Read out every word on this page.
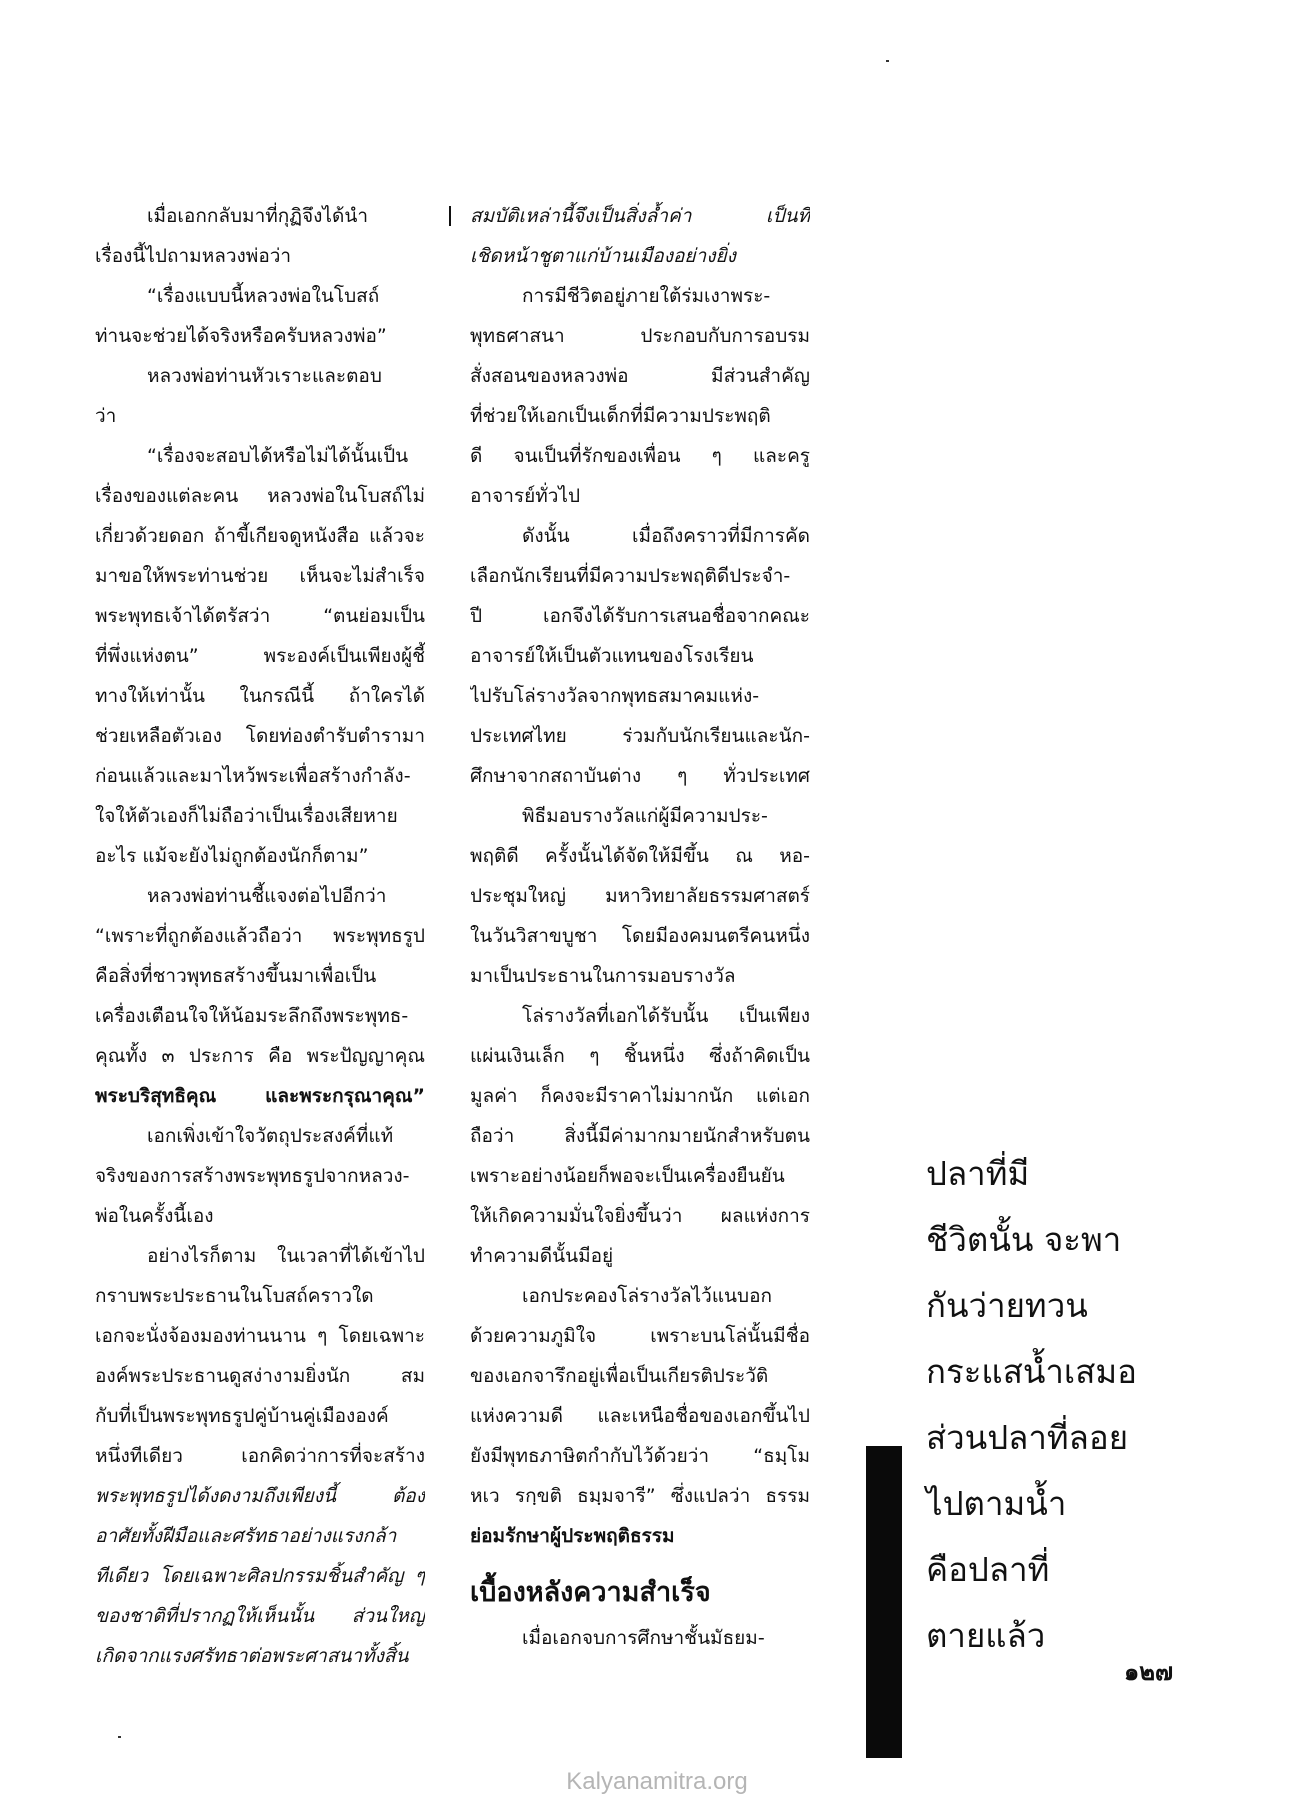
เมื่อเอกกลับมาที่กุฏิจึงได้นำ
เรื่องนี้ไปถามหลวงพ่อว่า
“เรื่องแบบนี้หลวงพ่อในโบสถ์
ท่านจะช่วยได้จริงหรือครับหลวงพ่อ”
หลวงพ่อท่านหัวเราะและตอบ
ว่า
“เรื่องจะสอบได้หรือไม่ได้นั้นเป็น
เรื่องของแต่ละคน หลวงพ่อในโบสถ์ไม่
เกี่ยวด้วยดอก ถ้าขี้เกียจดูหนังสือ แล้วจะ
มาขอให้พระท่านช่วย เห็นจะไม่สำเร็จ
พระพุทธเจ้าได้ตรัสว่า “ตนย่อมเป็น
ที่พึ่งแห่งตน” พระองค์เป็นเพียงผู้ชี้
ทางให้เท่านั้น ในกรณีนี้ ถ้าใครได้
ช่วยเหลือตัวเอง โดยท่องตำรับตำรามา
ก่อนแล้วและมาไหว้พระเพื่อสร้างกำลัง-
ใจให้ตัวเองก็ไม่ถือว่าเป็นเรื่องเสียหาย
อะไร แม้จะยังไม่ถูกต้องนักก็ตาม”
หลวงพ่อท่านชี้แจงต่อไปอีกว่า
“เพราะที่ถูกต้องแล้วถือว่า พระพุทธรูป
คือสิ่งที่ชาวพุทธสร้างขึ้นมาเพื่อเป็น
เครื่องเตือนใจให้น้อมระลึกถึงพระพุทธ-
คุณทั้ง ๓ ประการ คือ พระปัญญาคุณ
พระบริสุทธิคุณ และพระกรุณาคุณ”
เอกเพิ่งเข้าใจวัตถุประสงค์ที่แท้
จริงของการสร้างพระพุทธรูปจากหลวง-
พ่อในครั้งนี้เอง
อย่างไรก็ตาม ในเวลาที่ได้เข้าไป
กราบพระประธานในโบสถ์คราวใด
เอกจะนั่งจ้องมองท่านนาน ๆ โดยเฉพาะ
องค์พระประธานดูสง่างามยิ่งนัก สม
กับที่เป็นพระพุทธรูปคู่บ้านคู่เมืององค์
หนึ่งทีเดียว เอกคิดว่าการที่จะสร้าง
พระพุทธรูปได้งดงามถึงเพียงนี้ ต้อง
อาศัยทั้งฝีมือและศรัทธาอย่างแรงกล้า
ทีเดียว โดยเฉพาะศิลปกรรมชิ้นสำคัญ ๆ
ของชาติที่ปรากฏให้เห็นนั้น ส่วนใหญ่
เกิดจากแรงศรัทธาต่อพระศาสนาทั้งสิ้น
สมบัติเหล่านี้จึงเป็นสิ่งล้ำค่า เป็นที่
เชิดหน้าชูตาแก่บ้านเมืองอย่างยิ่ง
การมีชีวิตอยู่ภายใต้ร่มเงาพระ-
พุทธศาสนา ประกอบกับการอบรม
สั่งสอนของหลวงพ่อ มีส่วนสำคัญ
ที่ช่วยให้เอกเป็นเด็กที่มีความประพฤติ
ดี จนเป็นที่รักของเพื่อน ๆ และครู
อาจารย์ทั่วไป
ดังนั้น เมื่อถึงคราวที่มีการคัด
เลือกนักเรียนที่มีความประพฤติดีประจำ-
ปี เอกจึงได้รับการเสนอชื่อจากคณะ
อาจารย์ให้เป็นตัวแทนของโรงเรียน
ไปรับโล่รางวัลจากพุทธสมาคมแห่ง-
ประเทศไทย ร่วมกับนักเรียนและนัก-
ศึกษาจากสถาบันต่าง ๆ ทั่วประเทศ
พิธีมอบรางวัลแก่ผู้มีความประ-
พฤติดี ครั้งนั้นได้จัดให้มีขึ้น ณ หอ-
ประชุมใหญ่ มหาวิทยาลัยธรรมศาสตร์
ในวันวิสาขบูชา โดยมีองคมนตรีคนหนึ่ง
มาเป็นประธานในการมอบรางวัล
โล่รางวัลที่เอกได้รับนั้น เป็นเพียง
แผ่นเงินเล็ก ๆ ชิ้นหนึ่ง ซึ่งถ้าคิดเป็น
มูลค่า ก็คงจะมีราคาไม่มากนัก แต่เอก
ถือว่า สิ่งนี้มีค่ามากมายนักสำหรับตน
เพราะอย่างน้อยก็พอจะเป็นเครื่องยืนยัน
ให้เกิดความมั่นใจยิ่งขึ้นว่า ผลแห่งการ
ทำความดีนั้นมีอยู่
เอกประคองโล่รางวัลไว้แนบอก
ด้วยความภูมิใจ เพราะบนโล่นั้นมีชื่อ
ของเอกจารึกอยู่เพื่อเป็นเกียรติประวัติ
แห่งความดี และเหนือชื่อของเอกขึ้นไป
ยังมีพุทธภาษิตกำกับไว้ด้วยว่า “ธมฺโม
หเว รกฺขติ ธมฺมจารี” ซึ่งแปลว่า ธรรม
ย่อมรักษาผู้ประพฤติธรรม
เบื้องหลังความสำเร็จ
เมื่อเอกจบการศึกษาชั้นมัธยม-
ปลาที่มี
ชีวิตนั้น จะพา
กันว่ายทวน
กระแสน้ำเสมอ
ส่วนปลาที่ลอย
ไปตามน้ำ
คือปลาที่
ตายแล้ว
๑๒๗
Kalyanamitra.org
